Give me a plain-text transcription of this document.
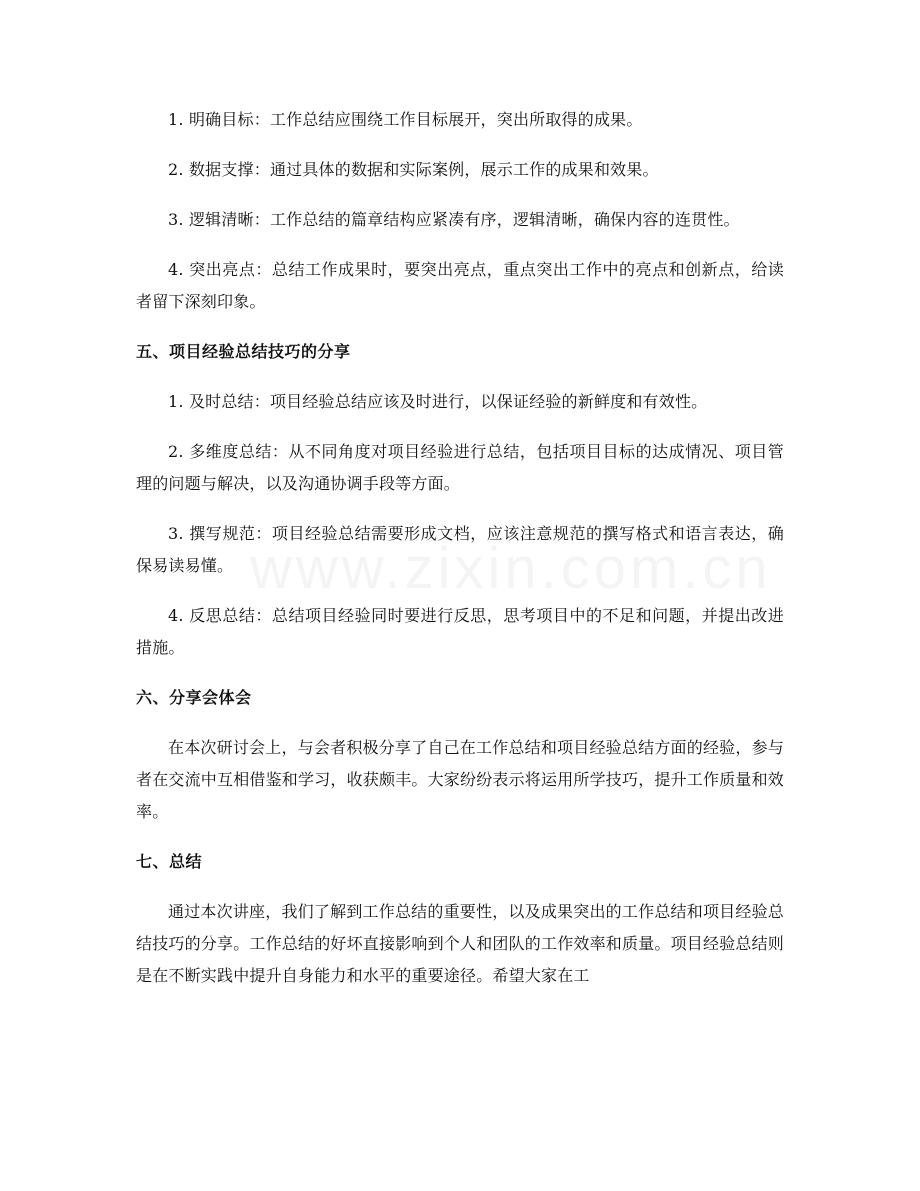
1. 明确目标：工作总结应围绕工作目标展开，突出所取得的成果。

2. 数据支撑：通过具体的数据和实际案例，展示工作的成果和效果。

3. 逻辑清晰：工作总结的篇章结构应紧凑有序，逻辑清晰，确保内容的连贯性。

4. 突出亮点：总结工作成果时，要突出亮点，重点突出工作中的亮点和创新点，给读者留下深刻印象。

五、项目经验总结技巧的分享

1. 及时总结：项目经验总结应该及时进行，以保证经验的新鲜度和有效性。

2. 多维度总结：从不同角度对项目经验进行总结，包括项目目标的达成情况、项目管理的问题与解决，以及沟通协调手段等方面。

3. 撰写规范：项目经验总结需要形成文档，应该注意规范的撰写格式和语言表达，确保易读易懂。

4. 反思总结：总结项目经验同时要进行反思，思考项目中的不足和问题，并提出改进措施。

六、分享会体会

在本次研讨会上，与会者积极分享了自己在工作总结和项目经验总结方面的经验，参与者在交流中互相借鉴和学习，收获颇丰。大家纷纷表示将运用所学技巧，提升工作质量和效率。

七、总结

通过本次讲座，我们了解到工作总结的重要性，以及成果突出的工作总结和项目经验总结技巧的分享。工作总结的好坏直接影响到个人和团队的工作效率和质量。项目经验总结则是在不断实践中提升自身能力和水平的重要途径。希望大家在工
